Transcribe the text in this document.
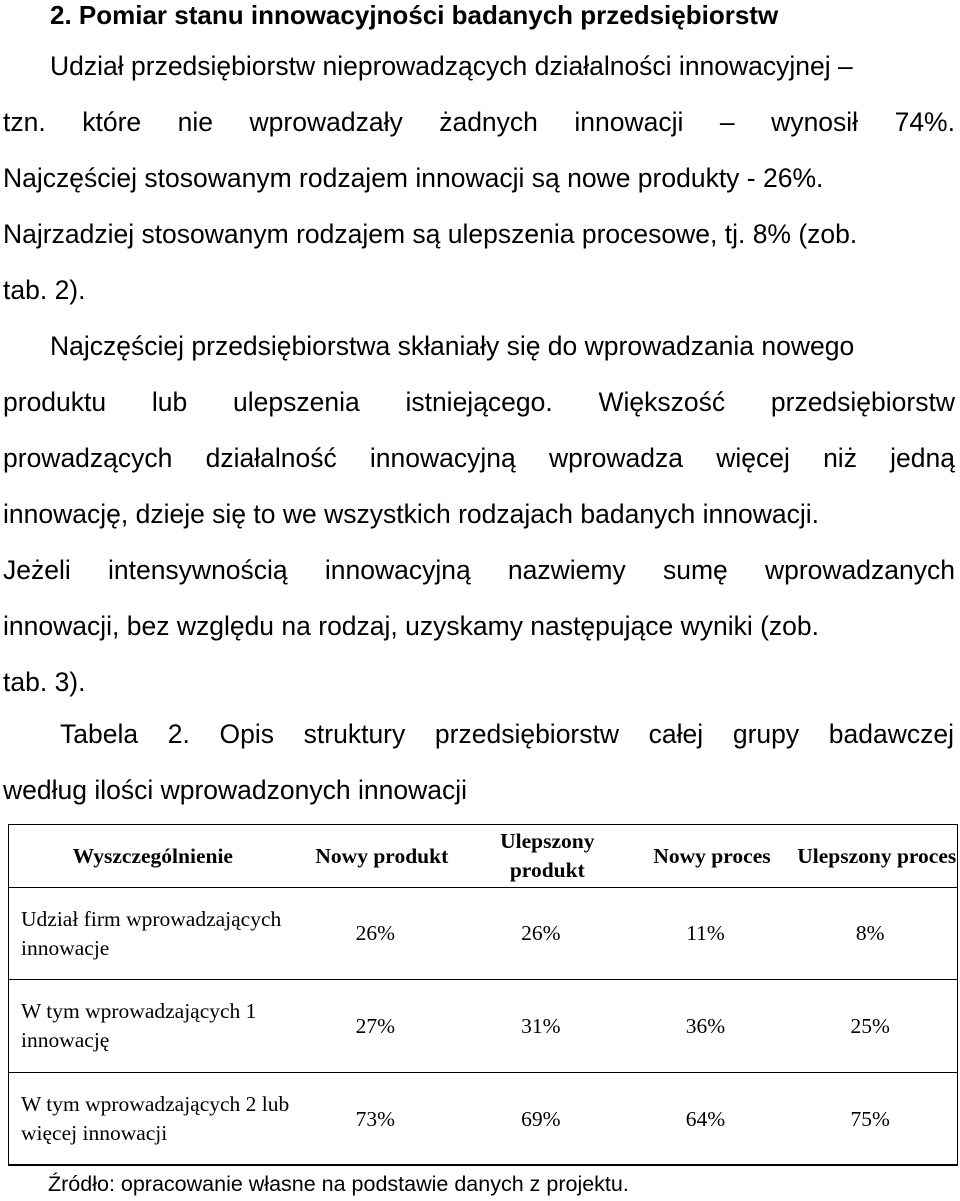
2. Pomiar stanu innowacyjności badanych przedsiębiorstw
Udział przedsiębiorstw nieprowadzących działalności innowacyjnej –
tzn. które nie wprowadzały żadnych innowacji – wynosił 74%.
Najczęściej stosowanym rodzajem innowacji są nowe produkty - 26%.
Najrzadziej stosowanym rodzajem są ulepszenia procesowe, tj. 8% (zob.
tab. 2).
Najczęściej przedsiębiorstwa skłaniały się do wprowadzania nowego
produktu lub ulepszenia istniejącego. Większość przedsiębiorstw
prowadzących działalność innowacyjną wprowadza więcej niż jedną
innowację, dzieje się to we wszystkich rodzajach badanych innowacji.
Jeżeli intensywnością innowacyjną nazwiemy sumę wprowadzanych
innowacji, bez względu na rodzaj, uzyskamy następujące wyniki (zob.
tab. 3).
Tabela 2. Opis struktury przedsiębiorstw całej grupy badawczej
według ilości wprowadzonych innowacji
Wyszczególnienie	Nowy produkt	Ulepszony produkt	Nowy proces	Ulepszony proces
Udział firm wprowadzających innowacje	26%	26%	11%	8%
W tym wprowadzających 1 innowację	27%	31%	36%	25%
W tym wprowadzających 2 lub więcej innowacji	73%	69%	64%	75%
Źródło: opracowanie własne na podstawie danych z projektu.
